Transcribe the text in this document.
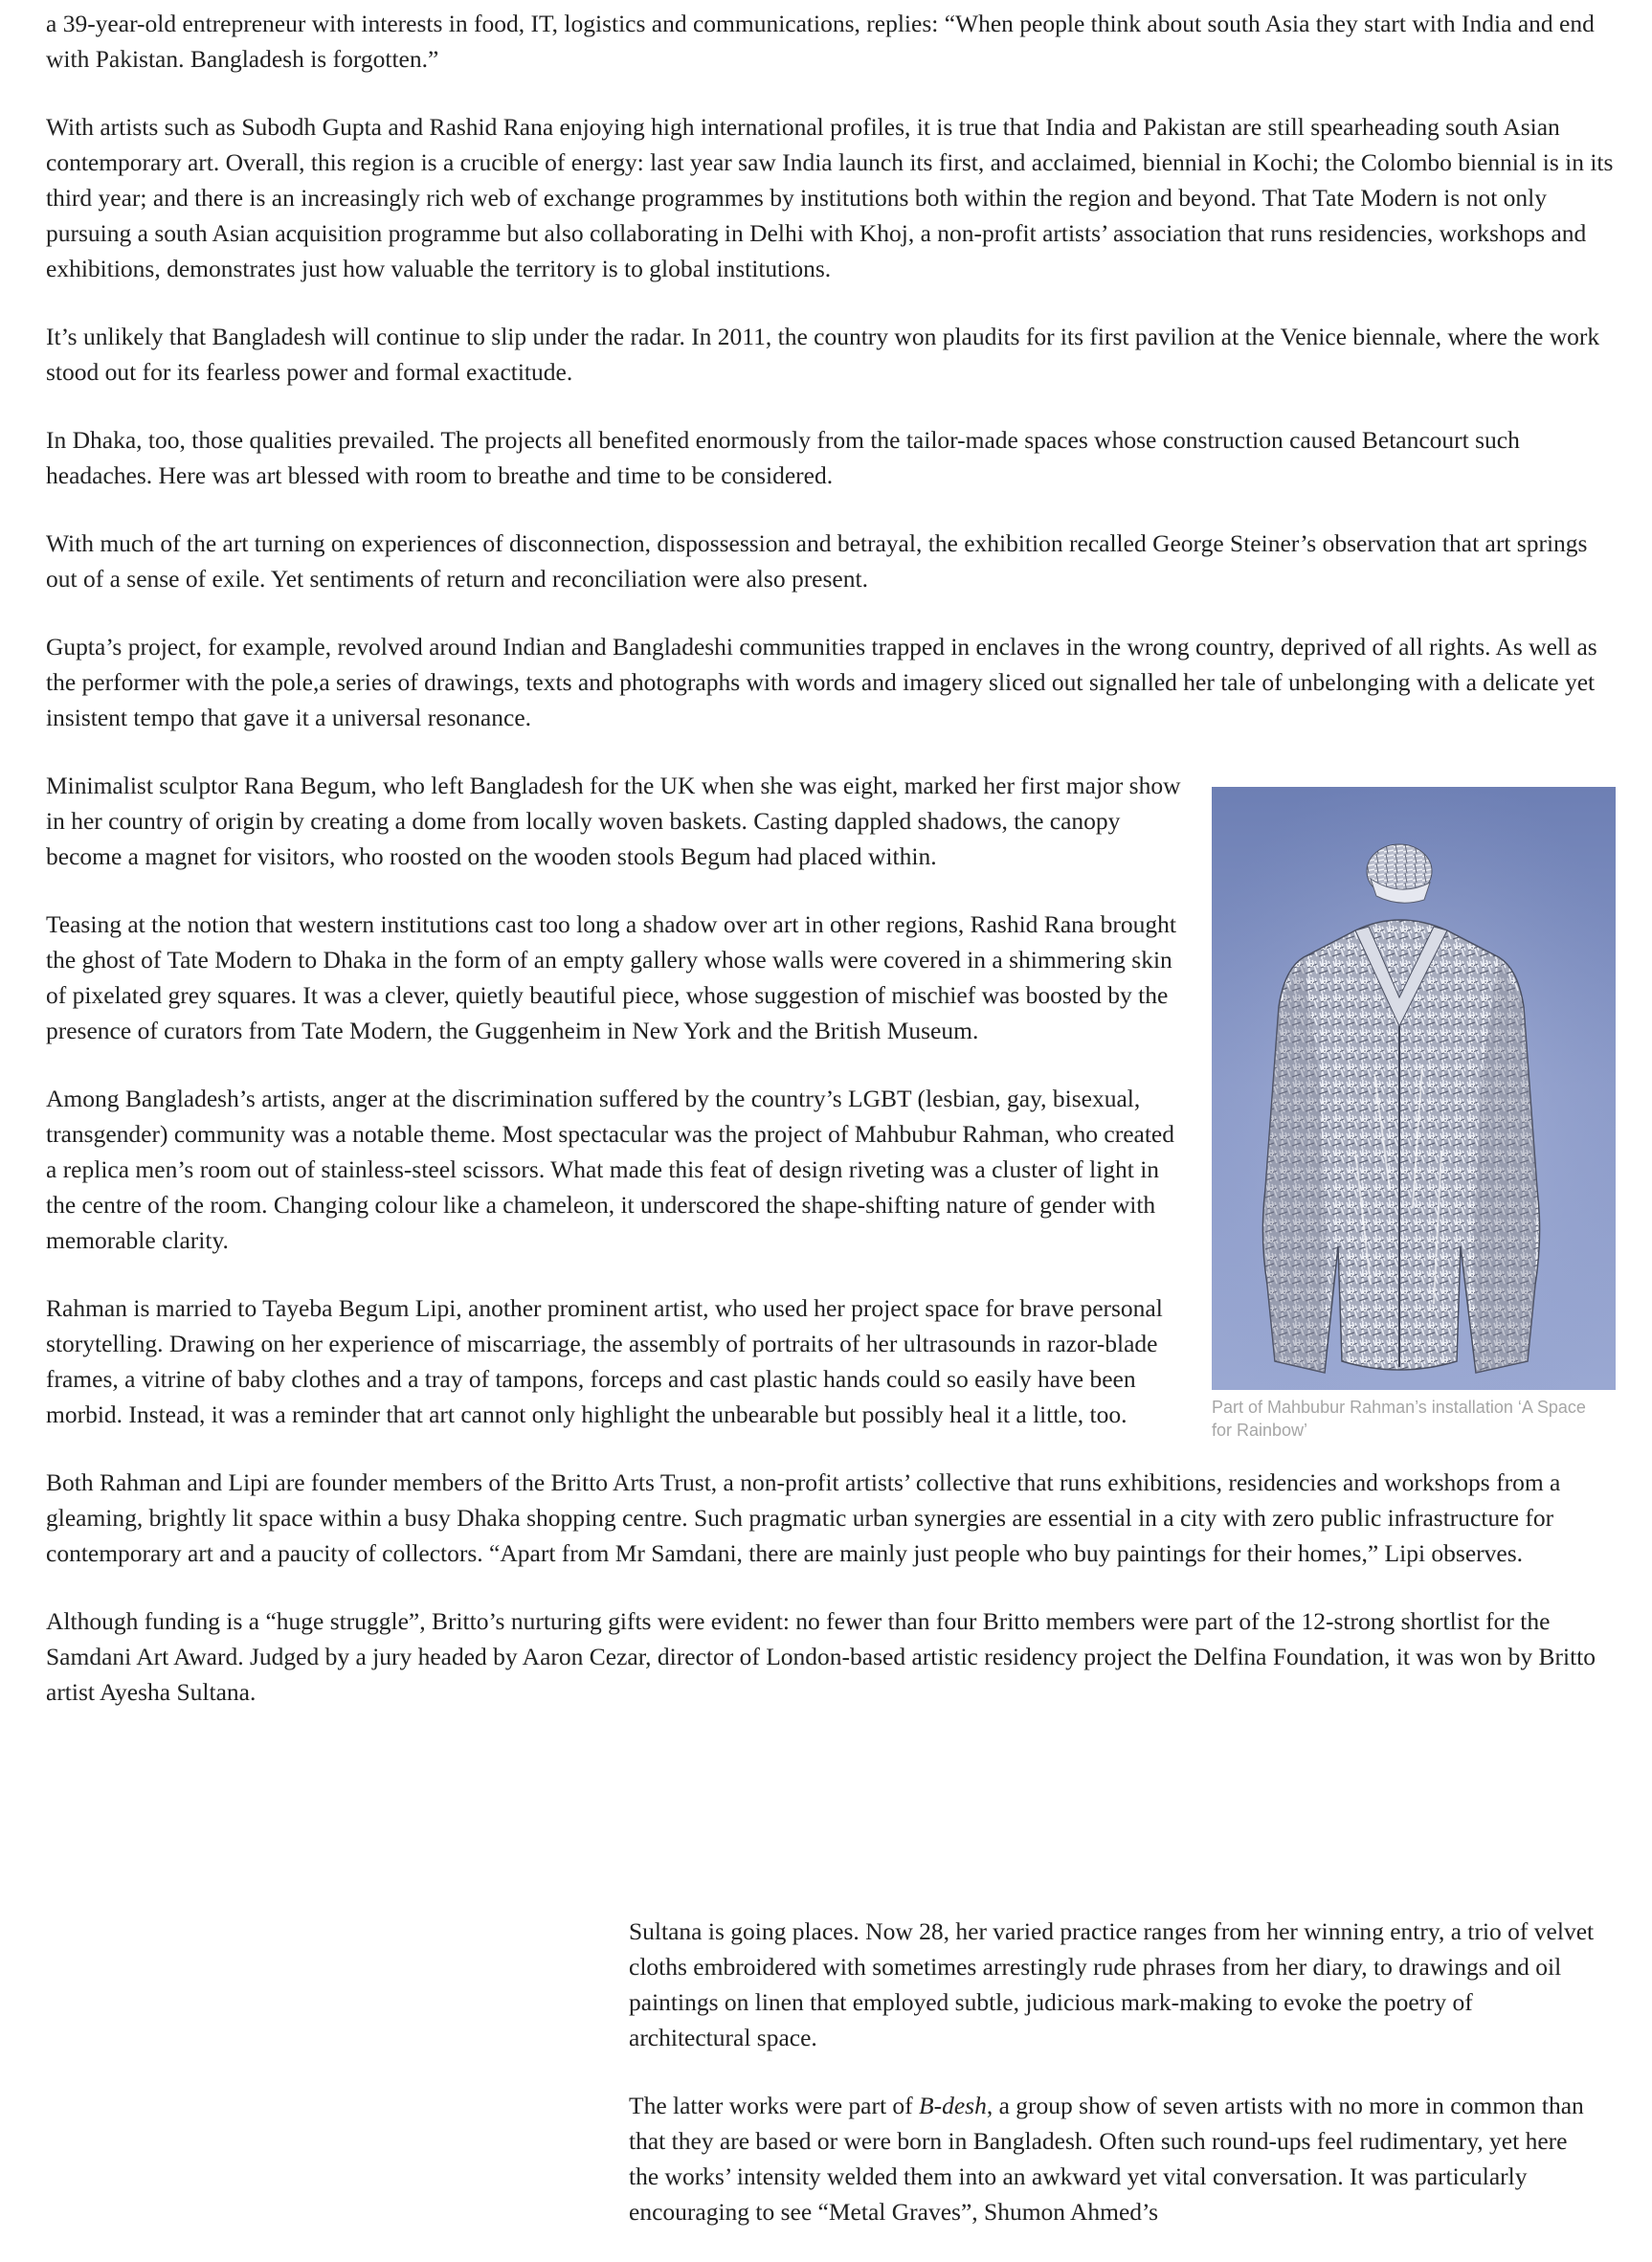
a 39-year-old entrepreneur with interests in food, IT, logistics and communications, replies: “When people think about south Asia they start with India and end with Pakistan. Bangladesh is forgotten.”

With artists such as Subodh Gupta and Rashid Rana enjoying high international profiles, it is true that India and Pakistan are still spearheading south Asian contemporary art. Overall, this region is a crucible of energy: last year saw India launch its first, and acclaimed, biennial in Kochi; the Colombo biennial is in its third year; and there is an increasingly rich web of exchange programmes by institutions both within the region and beyond. That Tate Modern is not only pursuing a south Asian acquisition programme but also collaborating in Delhi with Khoj, a non-profit artists’ association that runs residencies, workshops and exhibitions, demonstrates just how valuable the territory is to global institutions.

It’s unlikely that Bangladesh will continue to slip under the radar. In 2011, the country won plaudits for its first pavilion at the Venice biennale, where the work stood out for its fearless power and formal exactitude.

In Dhaka, too, those qualities prevailed. The projects all benefited enormously from the tailor-made spaces whose construction caused Betancourt such headaches. Here was art blessed with room to breathe and time to be considered.

With much of the art turning on experiences of disconnection, dispossession and betrayal, the exhibition recalled George Steiner’s observation that art springs out of a sense of exile. Yet sentiments of return and reconciliation were also present.

Gupta’s project, for example, revolved around Indian and Bangladeshi communities trapped in enclaves in the wrong country, deprived of all rights. As well as the performer with the pole,a series of drawings, texts and photographs with words and imagery sliced out signalled her tale of unbelonging with a delicate yet insistent tempo that gave it a universal resonance.

Part of Mahbubur Rahman’s installation ‘A Space for Rainbow’

Minimalist sculptor Rana Begum, who left Bangladesh for the UK when she was eight, marked her first major show in her country of origin by creating a dome from locally woven baskets. Casting dappled shadows, the canopy become a magnet for visitors, who roosted on the wooden stools Begum had placed within.

Teasing at the notion that western institutions cast too long a shadow over art in other regions, Rashid Rana brought the ghost of Tate Modern to Dhaka in the form of an empty gallery whose walls were covered in a shimmering skin of pixelated grey squares. It was a clever, quietly beautiful piece, whose suggestion of mischief was boosted by the presence of curators from Tate Modern, the Guggenheim in New York and the British Museum.

Among Bangladesh’s artists, anger at the discrimination suffered by the country’s LGBT (lesbian, gay, bisexual, transgender) community was a notable theme. Most spectacular was the project of Mahbubur Rahman, who created a replica men’s room out of stainless-steel scissors. What made this feat of design riveting was a cluster of light in the centre of the room. Changing colour like a chameleon, it underscored the shape-shifting nature of gender with memorable clarity.

Rahman is married to Tayeba Begum Lipi, another prominent artist, who used her project space for brave personal storytelling. Drawing on her experience of miscarriage, the assembly of portraits of her ultrasounds in razor-blade frames, a vitrine of baby clothes and a tray of tampons, forceps and cast plastic hands could so easily have been morbid. Instead, it was a reminder that art cannot only highlight the unbearable but possibly heal it a little, too.

Both Rahman and Lipi are founder members of the Britto Arts Trust, a non-profit artists’ collective that runs exhibitions, residencies and workshops from a gleaming, brightly lit space within a busy Dhaka shopping centre. Such pragmatic urban synergies are essential in a city with zero public infrastructure for contemporary art and a paucity of collectors. “Apart from Mr Samdani, there are mainly just people who buy paintings for their homes,” Lipi observes.

Although funding is a “huge struggle”, Britto’s nurturing gifts were evident: no fewer than four Britto members were part of the 12-strong shortlist for the Samdani Art Award. Judged by a jury headed by Aaron Cezar, director of London-based artistic residency project the Delfina Foundation, it was won by Britto artist Ayesha Sultana.

Sultana is going places. Now 28, her varied practice ranges from her winning entry, a trio of velvet cloths embroidered with sometimes arrestingly rude phrases from her diary, to drawings and oil paintings on linen that employed subtle, judicious mark-making to evoke the poetry of architectural space.

The latter works were part of B-desh, a group show of seven artists with no more in common than that they are based or were born in Bangladesh. Often such round-ups feel rudimentary, yet here the works’ intensity welded them into an awkward yet vital conversation. It was particularly encouraging to see “Metal Graves”, Shumon Ahmed’s
